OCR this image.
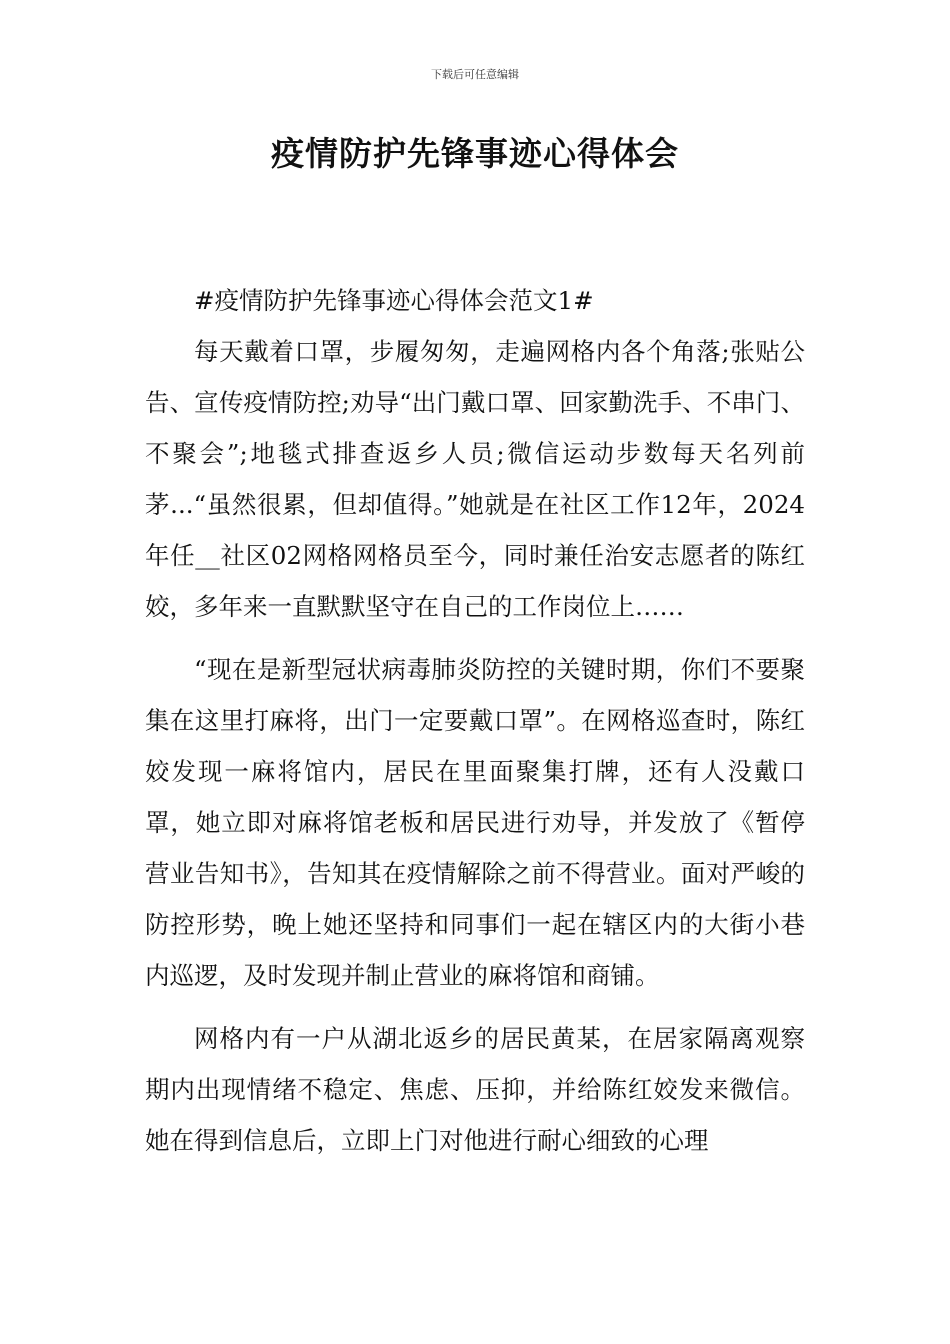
下载后可任意编辑
疫情防护先锋事迹心得体会

#疫情防护先锋事迹心得体会范文1#

每天戴着口罩，步履匆匆，走遍网格内各个角落;张贴公告、宣传疫情防控;劝导“出门戴口罩、回家勤洗手、不串门、不聚会”;地毯式排查返乡人员;微信运动步数每天名列前茅...“虽然很累，但却值得。”她就是在社区工作12年，2024年任__社区02网格网格员至今，同时兼任治安志愿者的陈红姣，多年来一直默默坚守在自己的工作岗位上……

“现在是新型冠状病毒肺炎防控的关键时期，你们不要聚集在这里打麻将，出门一定要戴口罩”。在网格巡查时，陈红姣发现一麻将馆内，居民在里面聚集打牌，还有人没戴口罩，她立即对麻将馆老板和居民进行劝导，并发放了《暂停营业告知书》，告知其在疫情解除之前不得营业。面对严峻的防控形势，晚上她还坚持和同事们一起在辖区内的大街小巷内巡逻，及时发现并制止营业的麻将馆和商铺。

网格内有一户从湖北返乡的居民黄某，在居家隔离观察期内出现情绪不稳定、焦虑、压抑，并给陈红姣发来微信。她在得到信息后，立即上门对他进行耐心细致的心理
